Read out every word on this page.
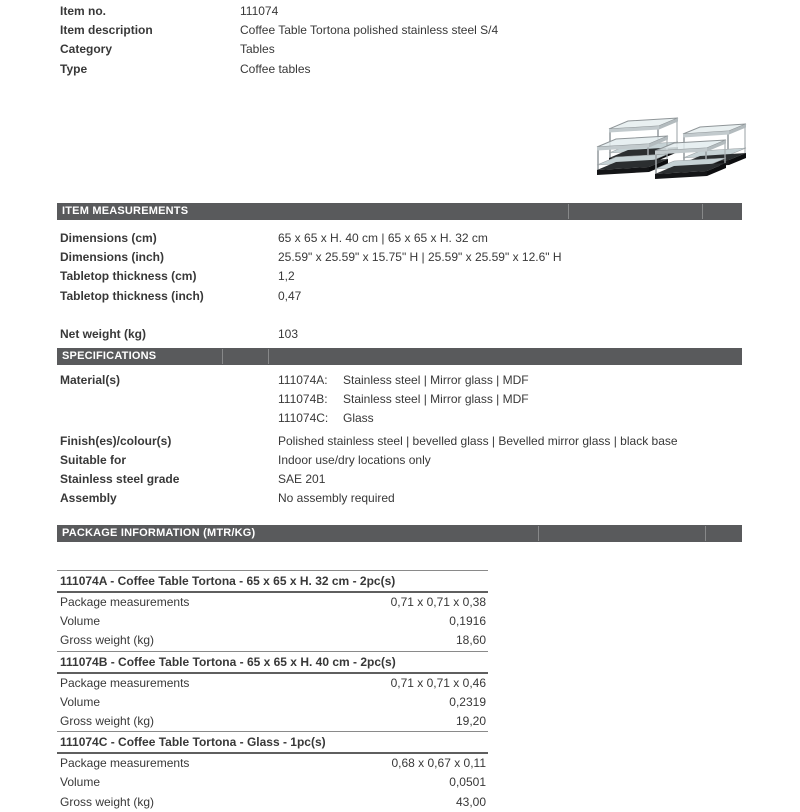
Item no.	111074
Item description	Coffee Table Tortona polished stainless steel S/4
Category	Tables
Type	Coffee tables
ITEM MEASUREMENTS
Dimensions (cm)	65 x 65 x H. 40 cm | 65 x 65 x H. 32 cm
Dimensions (inch)	25.59" x 25.59" x 15.75" H | 25.59" x 25.59" x 12.6" H
Tabletop thickness (cm)	1,2
Tabletop thickness (inch)	0,47
Net weight (kg)	103
SPECIFICATIONS
Material(s)	111074A:	Stainless steel | Mirror glass | MDF
111074B:	Stainless steel | Mirror glass | MDF
111074C:	Glass
Finish(es)/colour(s)	Polished stainless steel | bevelled glass | Bevelled mirror glass | black base
Suitable for	Indoor use/dry locations only
Stainless steel grade	SAE 201
Assembly	No assembly required
PACKAGE INFORMATION (MTR/KG)
111074A - Coffee Table Tortona - 65 x 65 x H. 32 cm - 2pc(s)
Package measurements	0,71 x 0,71 x 0,38
Volume	0,1916
Gross weight (kg)	18,60
111074B - Coffee Table Tortona - 65 x 65 x H. 40 cm - 2pc(s)
Package measurements	0,71 x 0,71 x 0,46
Volume	0,2319
Gross weight (kg)	19,20
111074C - Coffee Table Tortona - Glass - 1pc(s)
Package measurements	0,68 x 0,67 x 0,11
Volume	0,0501
Gross weight (kg)	43,00
